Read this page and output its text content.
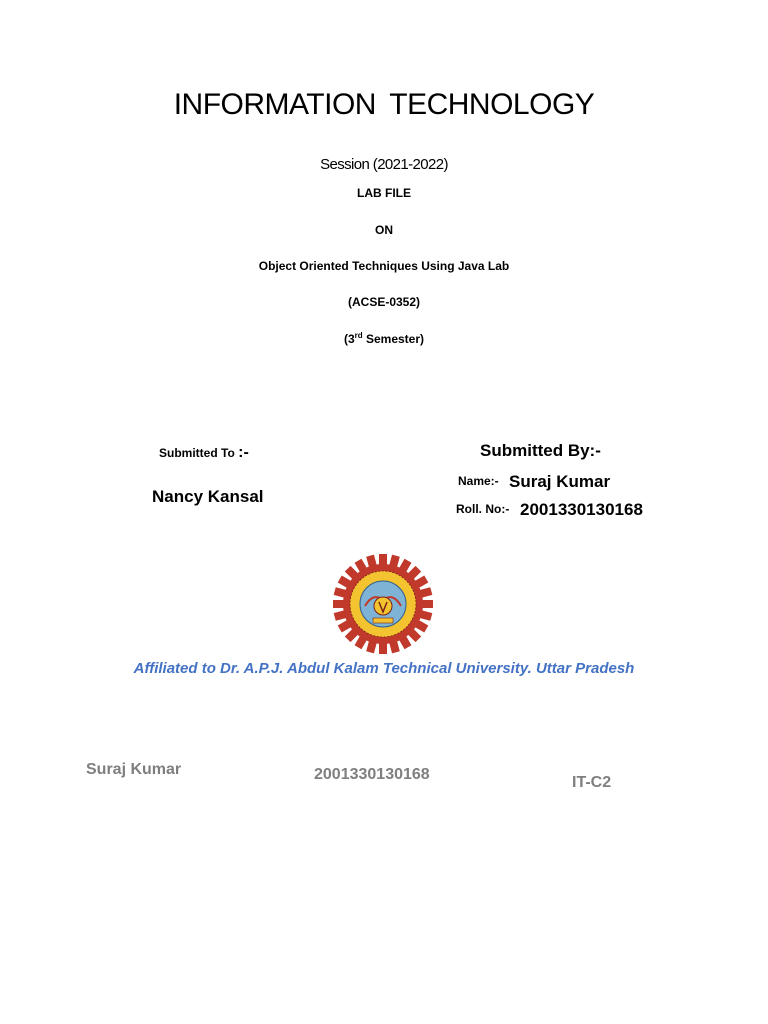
INFORMATION TECHNOLOGY
Session (2021-2022)
LAB FILE
ON
Object Oriented Techniques Using Java Lab
(ACSE-0352)
(3rd Semester)
Submitted To :-
Nancy Kansal
Submitted By:-
Name:- Suraj Kumar
Roll. No:- 2001330130168
Affiliated to Dr. A.P.J. Abdul Kalam Technical University. Uttar Pradesh
Suraj Kumar	2001330130168	IT-C2
